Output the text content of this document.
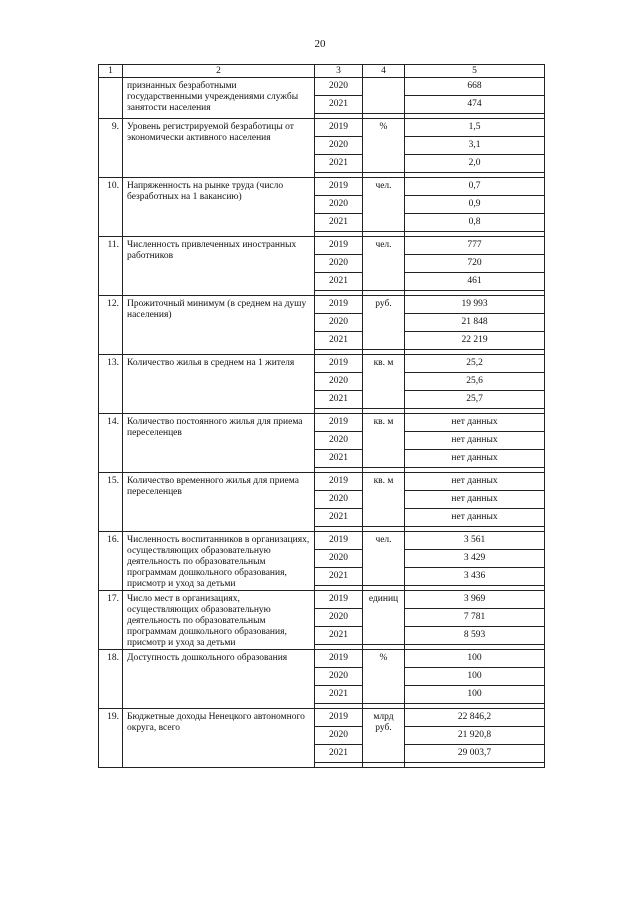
20
1	2	3	4	5
	признанных безработными государственными учреждениями службы занятости населения	2020		668
		2021		474

9.	Уровень регистрируемой безработицы от экономически активного населения	2019	%	1,5
		2020		3,1
		2021		2,0

10.	Напряженность на рынке труда (число безработных на 1 вакансию)	2019	чел.	0,7
		2020		0,9
		2021		0,8

11.	Численность привлеченных иностранных работников	2019	чел.	777
		2020		720
		2021		461

12.	Прожиточный минимум (в среднем на душу населения)	2019	руб.	19 993
		2020		21 848
		2021		22 219

13.	Количество жилья в среднем на 1 жителя	2019	кв. м	25,2
		2020		25,6
		2021		25,7

14.	Количество постоянного жилья для приема переселенцев	2019	кв. м	нет данных
		2020		нет данных
		2021		нет данных

15.	Количество временного жилья для приема переселенцев	2019	кв. м	нет данных
		2020		нет данных
		2021		нет данных

16.	Численность воспитанников в организациях, осуществляющих образовательную деятельность по образовательным программам дошкольного образования, присмотр и уход за детьми	2019	чел.	3 561
		2020		3 429
		2021		3 436

17.	Число мест в организациях, осуществляющих образовательную деятельность по образовательным программам дошкольного образования, присмотр и уход за детьми	2019	единиц	3 969
		2020		7 781
		2021		8 593

18.	Доступность дошкольного образования	2019	%	100
		2020		100
		2021		100

19.	Бюджетные доходы Ненецкого автономного округа, всего	2019	млрд руб.	22 846,2
		2020		21 920,8
		2021		29 003,7
